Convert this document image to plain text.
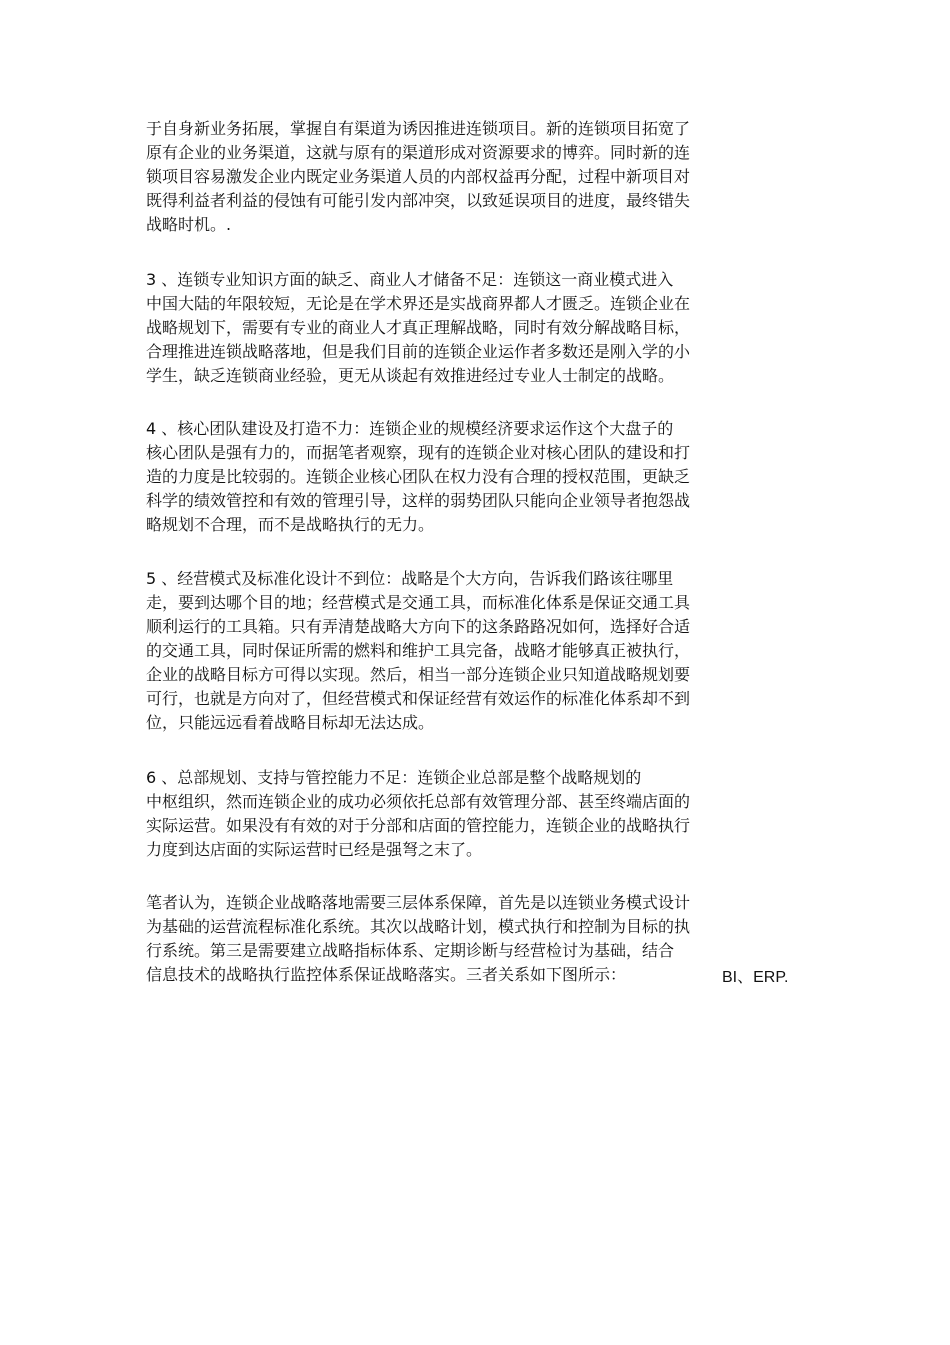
于自身新业务拓展，掌握自有渠道为诱因推进连锁项目。新的连锁项目拓宽了
原有企业的业务渠道，这就与原有的渠道形成对资源要求的博弈。同时新的连
锁项目容易激发企业内既定业务渠道人员的内部权益再分配，过程中新项目对
既得利益者利益的侵蚀有可能引发内部冲突，以致延误项目的进度，最终错失
战略时机。.
3 、连锁专业知识方面的缺乏、商业人才储备不足：连锁这一商业模式进入
中国大陆的年限较短，无论是在学术界还是实战商界都人才匮乏。连锁企业在
战略规划下，需要有专业的商业人才真正理解战略，同时有效分解战略目标，
合理推进连锁战略落地，但是我们目前的连锁企业运作者多数还是刚入学的小
学生，缺乏连锁商业经验，更无从谈起有效推进经过专业人士制定的战略。
4 、核心团队建设及打造不力：连锁企业的规模经济要求运作这个大盘子的
核心团队是强有力的，而据笔者观察，现有的连锁企业对核心团队的建设和打
造的力度是比较弱的。连锁企业核心团队在权力没有合理的授权范围，更缺乏
科学的绩效管控和有效的管理引导，这样的弱势团队只能向企业领导者抱怨战
略规划不合理，而不是战略执行的无力。
5 、经营模式及标准化设计不到位：战略是个大方向，告诉我们路该往哪里
走，要到达哪个目的地；经营模式是交通工具，而标准化体系是保证交通工具
顺利运行的工具箱。只有弄清楚战略大方向下的这条路路况如何，选择好合适
的交通工具，同时保证所需的燃料和维护工具完备，战略才能够真正被执行，
企业的战略目标方可得以实现。然后，相当一部分连锁企业只知道战略规划要
可行，也就是方向对了，但经营模式和保证经营有效运作的标准化体系却不到
位，只能远远看着战略目标却无法达成。
6 、总部规划、支持与管控能力不足：连锁企业总部是整个战略规划的
中枢组织，然而连锁企业的成功必须依托总部有效管理分部、甚至终端店面的
实际运营。如果没有有效的对于分部和店面的管控能力，连锁企业的战略执行
力度到达店面的实际运营时已经是强弩之末了。
笔者认为，连锁企业战略落地需要三层体系保障，首先是以连锁业务模式设计
为基础的运营流程标准化系统。其次以战略计划，模式执行和控制为目标的执
行系统。第三是需要建立战略指标体系、定期诊断与经营检讨为基础，结合
信息技术的战略执行监控体系保证战略落实。三者关系如下图所示：	BI、ERP.
